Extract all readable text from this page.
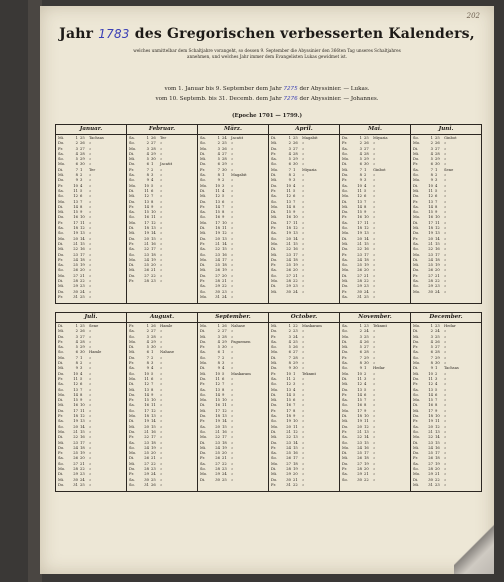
202
Jahr 1783 des Gregorischen verbesserten Kalenders,
welches unmittelbar dem Schaltjahre vorangeht, so dessen 9. September die Abyssinier den 366ten Tag unseres Schaltjahres
annehmen, und welches Jahr immer dem Evangelisten Lukas gewidmet ist.
vom 1. Januar bis 9. September dem Jahr 7275 der Abyssinier. — Lukas.
vom 10. Septemb. bis 31. Decemb. dem Jahr 7276 der Abyssinier. — Johannes.
(Epoche 1701 — 1799.)
Januar.
Mi.	1 25 Tachsas
Do.	2 26 »
Fr.	3 27 »
Sa.	4 28 »
So.	5 29 »
Mo.	6 30 »
Di.	7 1 Ter
Mi.	8 2 »
Do.	9 3 »
Fr.	10 4 »
Sa.	11 5 »
So.	12 6 »
Mo. 13 7 »
Di.	14 8 »
Mi. 15 9 »
Do. 16 10 »
Fr.	17 11 »
Sa.	18 12 »
So.	19 13 »
Mo. 20 14 »
Di.	21 15 »
Mi. 22 16 »
Do. 23 17 »
Fr.	24 18 »
Sa.	25 19 »
So.	26 20 »
Mo. 27 21 »
Di.	28 22 »
Mi. 29 23 »
Do. 30 24 »
Fr.	31 25 »
Februar.
Sa.	1 26 Ter
So.	2 27 »
Mo.	3 28 »
Di.	4 29 »
Mi.	5 30 »
Do.	6 1 Jacatit
Fr.	7 2 »
Sa.	8 3 »
So.	9 4 »
Mo. 10 5 »
Di.	11 6 »
Mi. 12 7 »
Do. 13 8 »
Fr.	14 9 »
Sa.	15 10 »
So.	16 11 »
Mo. 17 12 »
Di.	18 13 »
Mi. 19 14 »
Do. 20 15 »
Fr.	21 16 »
Sa.	22 17 »
So.	23 18 »
Mo. 24 19 »
Di.	25 20 »
Mi. 26 21 »
Do. 27 22 »
Fr.	28 23 »
März.
Sa.	1 24 Jacatit
So.	2 25 »
Mo.	3 26 »
Di.	4 27 »
Mi.	5 28 »
Do.	6 29 »
Fr.	7 30 »
Sa.	8 1 Magabit
So.	9 2 »
Mo. 10 3 »
Di.	11 4 »
Mi. 12 5 »
Do. 13 6 »
Fr.	14 7 »
Sa.	15 8 »
So.	16 9 »
Mo. 17 10 »
Di.	18 11 »
Mi. 19 12 »
Do. 20 13 »
Fr.	21 14 »
Sa.	22 15 »
So.	23 16 »
Mo. 24 17 »
Di.	25 18 »
Mi. 26 19 »
Do. 27 20 »
Fr.	28 21 »
Sa.	29 22 »
So.	30 23 »
Mo. 31 24 »
April.
Di.	1 25 Magabit
Mi.	2 26 »
Do.	3 27 »
Fr.	4 28 »
Sa.	5 29 »
So.	6 30 »
Mo.	7 1 Miyazia
Di.	8 2 »
Mi.	9 3 »
Do. 10 4 »
Fr.	11 5 »
Sa.	12 6 »
So.	13 7 »
Mo. 14 8 »
Di.	15 9 »
Mi. 16 10 »
Do. 17 11 »
Fr.	18 12 »
Sa.	19 13 »
So.	20 14 »
Mo. 21 15 »
Di.	22 16 »
Mi. 23 17 »
Do. 24 18 »
Fr.	25 19 »
Sa.	26 20 »
So.	27 21 »
Mo. 28 22 »
Di.	29 23 »
Mi. 30 24 »
Mai.
Do.	1 25 Miyazia
Fr.	2 26 »
Sa.	3 27 »
So.	4 28 »
Mo.	5 29 »
Di.	6 30 »
Mi.	7 1 Ginbot
Do.	8 2 »
Fr.	9 3 »
Sa.	10 4 »
So.	11 5 »
Mo. 12 6 »
Di.	13 7 »
Mi. 14 8 »
Do. 15 9 »
Fr.	16 10 »
Sa.	17 11 »
So.	18 12 »
Mo. 19 13 »
Di.	20 14 »
Mi. 21 15 »
Do. 22 16 »
Fr.	23 17 »
Sa.	24 18 »
So.	25 19 »
Mo. 26 20 »
Di.	27 21 »
Mi. 28 22 »
Do. 29 23 »
Fr.	30 24 »
Sa.	31 25 »
Juni.
So.	1 25 Ginbot
Mo.	2 26 »
Di.	3 27 »
Mi.	4 28 »
Do.	5 29 »
Fr.	6 30 »
Sa.	7 1 Sene
So.	8 2 »
Mo.	9 3 »
Di.	10 4 »
Mi. 11 5 »
Do. 12 6 »
Fr.	13 7 »
Sa.	14 8 »
So.	15 9 »
Mo. 16 10 »
Di.	17 11 »
Mi. 18 12 »
Do. 19 13 »
Fr.	20 14 »
Sa.	21 15 »
So.	22 16 »
Mo. 23 17 »
Di.	24 18 »
Mi. 25 19 »
Do. 26 20 »
Fr.	27 21 »
Sa.	28 22 »
So.	29 23 »
Mo. 30 24 »
Juli.
Di.	1 25 Sene
Mi.	2 26 »
Do.	3 27 »
Fr.	4 28 »
Sa.	5 29 »
So.	6 30 Hamle
Mo.	7 1 »
Di.	8 2 »
Mi.	9 3 »
Do. 10 4 »
Fr.	11 5 »
Sa.	12 6 »
So.	13 7 »
Mo. 14 8 »
Di.	15 9 »
Mi. 16 10 »
Do. 17 11 »
Fr.	18 12 »
Sa.	19 13 »
So.	20 14 »
Mo. 21 15 »
Di.	22 16 »
Mi. 23 17 »
Do. 24 18 »
Fr.	25 19 »
Sa.	26 20 »
So.	27 21 »
Mo. 28 22 »
Di.	29 23 »
Mi. 30 24 »
Do. 31 25 »
August.
Fr.	1 26 Hamle
Sa.	2 27 »
So.	3 28 »
Mo.	4 29 »
Di.	5 30 »
Mi.	6 1 Nahase
Do.	7 2 »
Fr.	8 3 »
Sa.	9 4 »
So.	10 5 »
Mo. 11 6 »
Di.	12 7 »
Mi. 13 8 »
Do. 14 9 »
Fr.	15 10 »
Sa.	16 11 »
So.	17 12 »
Mo. 18 13 »
Di.	19 14 »
Mi. 20 15 »
Do. 21 16 »
Fr.	22 17 »
Sa.	23 18 »
So.	24 19 »
Mo. 25 20 »
Di.	26 21 »
Mi. 27 22 »
Do. 28 23 »
Fr.	29 24 »
Sa.	30 25 »
So.	31 26 »
September.
Mo.	1 26 Nahase
Di.	2 27 »
Mi.	3 28 »
Do.	4 29 Paguemen
Fr.	5 30 »
Sa.	6 1 »
So.	7 2 »
Mo.	8 3 »
Di.	9 4 »
Mi. 10 5 Maskaram
Do. 11 6 »
Fr.	12 7 »
Sa.	13 8 »
So.	14 9 »
Mo. 15 10 »
Di.	16 11 »
Mi. 17 12 »
Do. 18 13 »
Fr.	19 14 »
Sa.	20 15 »
So.	21 16 »
Mo. 22 17 »
Di.	23 18 »
Mi. 24 19 »
Do. 25 20 »
Fr.	26 21 »
Sa.	27 22 »
So.	28 23 »
Mo. 29 24 »
Di.	30 25 »
October.
Mi.	1 22 Maskaram
Do.	2 23 »
Fr.	3 24 »
Sa.	4 25 »
So.	5 26 »
Mo.	6 27 »
Di.	7 28 »
Mi.	8 29 »
Do.	9 30 »
Fr.	10 1 Teknmt
Sa.	11 2 »
So.	12 3 »
Mo. 13 4 »
Di.	14 5 »
Mi. 15 6 »
Do. 16 7 »
Fr.	17 8 »
Sa.	18 9 »
So.	19 10 »
Mo. 20 11 »
Di.	21 12 »
Mi. 22 13 »
Do. 23 14 »
Fr.	24 15 »
Sa.	25 16 »
So.	26 17 »
Mo. 27 18 »
Di.	28 19 »
Mi. 29 20 »
Do. 30 21 »
Fr.	31 22 »
November.
Sa.	1 23 Teknmt
So.	2 24 »
Mo.	3 25 »
Di.	4 26 »
Mi.	5 27 »
Do.	6 28 »
Fr.	7 29 »
Sa.	8 30 »
So.	9 1 Hedar
Mo. 10 2 »
Di.	11 3 »
Mi. 12 4 »
Do. 13 5 »
Fr.	14 6 »
Sa.	15 7 »
So.	16 8 »
Mo. 17 9 »
Di.	18 10 »
Mi. 19 11 »
Do. 20 12 »
Fr.	21 13 »
Sa.	22 14 »
So.	23 15 »
Mo. 24 16 »
Di.	25 17 »
Mi. 26 18 »
Do. 27 19 »
Fr.	28 20 »
Sa.	29 21 »
So.	30 22 »
December.
Mo.	1 23 Hedar
Di.	2 24 »
Mi.	3 25 »
Do.	4 26 »
Fr.	5 27 »
Sa.	6 28 »
So.	7 29 »
Mo.	8 30 »
Di.	9 1 Tachsas
Mi. 10 2 »
Do. 11 3 »
Fr.	12 4 »
Sa.	13 5 »
So.	14 6 »
Mo. 15 7 »
Di.	16 8 »
Mi. 17 9 »
Do. 18 10 »
Fr.	19 11 »
Sa.	20 12 »
So.	21 13 »
Mo. 22 14 »
Di.	23 15 »
Mi. 24 16 »
Do. 25 17 »
Fr.	26 18 »
Sa.	27 19 »
So.	28 20 »
Mo. 29 21 »
Di.	30 22 »
Mi. 31 23 »
